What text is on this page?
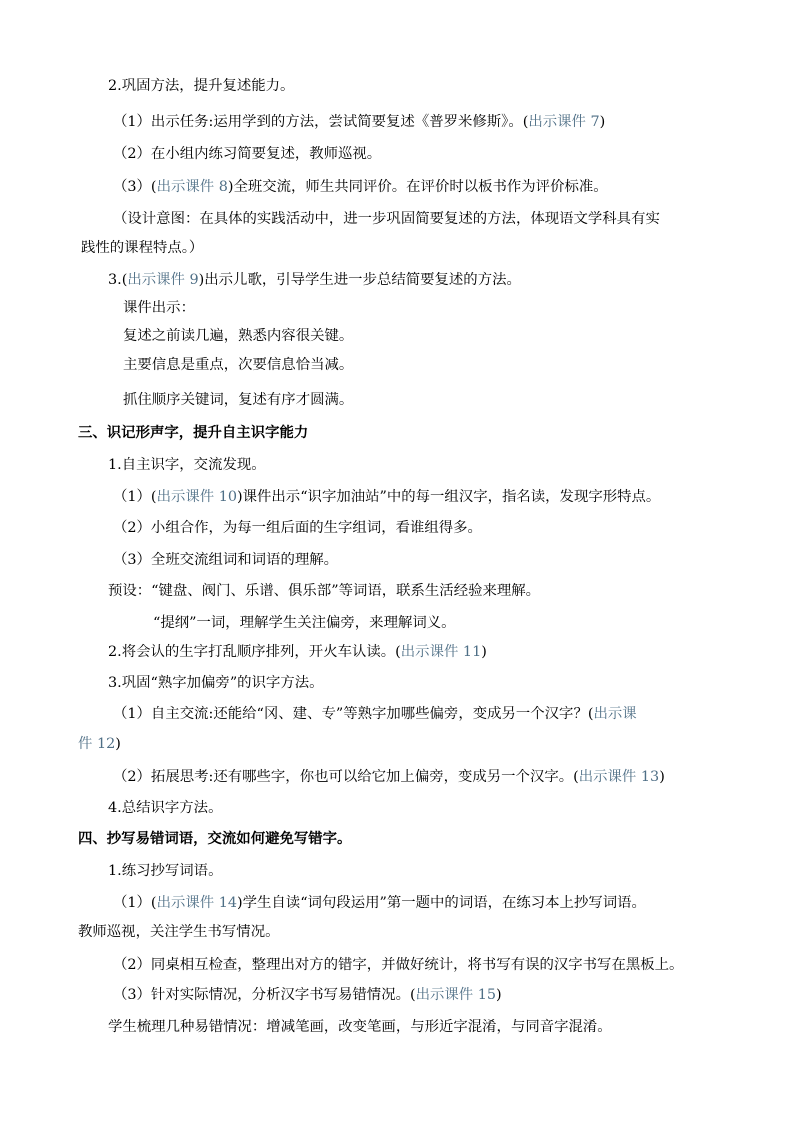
2.巩固方法，提升复述能力。
（1）出示任务:运用学到的方法，尝试简要复述《普罗米修斯》。(出示课件 7)
（2）在小组内练习简要复述，教师巡视。
（3）(出示课件 8)全班交流，师生共同评价。在评价时以板书作为评价标准。
（设计意图：在具体的实践活动中，进一步巩固简要复述的方法，体现语文学科具有实
践性的课程特点。）
3.(出示课件 9)出示儿歌，引导学生进一步总结简要复述的方法。
课件出示：
复述之前读几遍，熟悉内容很关键。
主要信息是重点，次要信息恰当减。
抓住顺序关键词，复述有序才圆满。
三、识记形声字，提升自主识字能力
1.自主识字，交流发现。
（1）(出示课件 10)课件出示“识字加油站”中的每一组汉字，指名读，发现字形特点。
（2）小组合作，为每一组后面的生字组词，看谁组得多。
（3）全班交流组词和词语的理解。
预设：“键盘、阀门、乐谱、俱乐部”等词语，联系生活经验来理解。
“提纲”一词，理解学生关注偏旁，来理解词义。
2.将会认的生字打乱顺序排列，开火车认读。(出示课件 11)
3.巩固“熟字加偏旁”的识字方法。
（1）自主交流:还能给“冈、建、专”等熟字加哪些偏旁，变成另一个汉字？(出示课
件 12)
（2）拓展思考:还有哪些字，你也可以给它加上偏旁，变成另一个汉字。(出示课件 13)
4.总结识字方法。
四、抄写易错词语，交流如何避免写错字。
1.练习抄写词语。
（1）(出示课件 14)学生自读“词句段运用”第一题中的词语，在练习本上抄写词语。
教师巡视，关注学生书写情况。
（2）同桌相互检查，整理出对方的错字，并做好统计，将书写有误的汉字书写在黑板上。
（3）针对实际情况，分析汉字书写易错情况。(出示课件 15)
学生梳理几种易错情况：增减笔画，改变笔画，与形近字混淆，与同音字混淆。
